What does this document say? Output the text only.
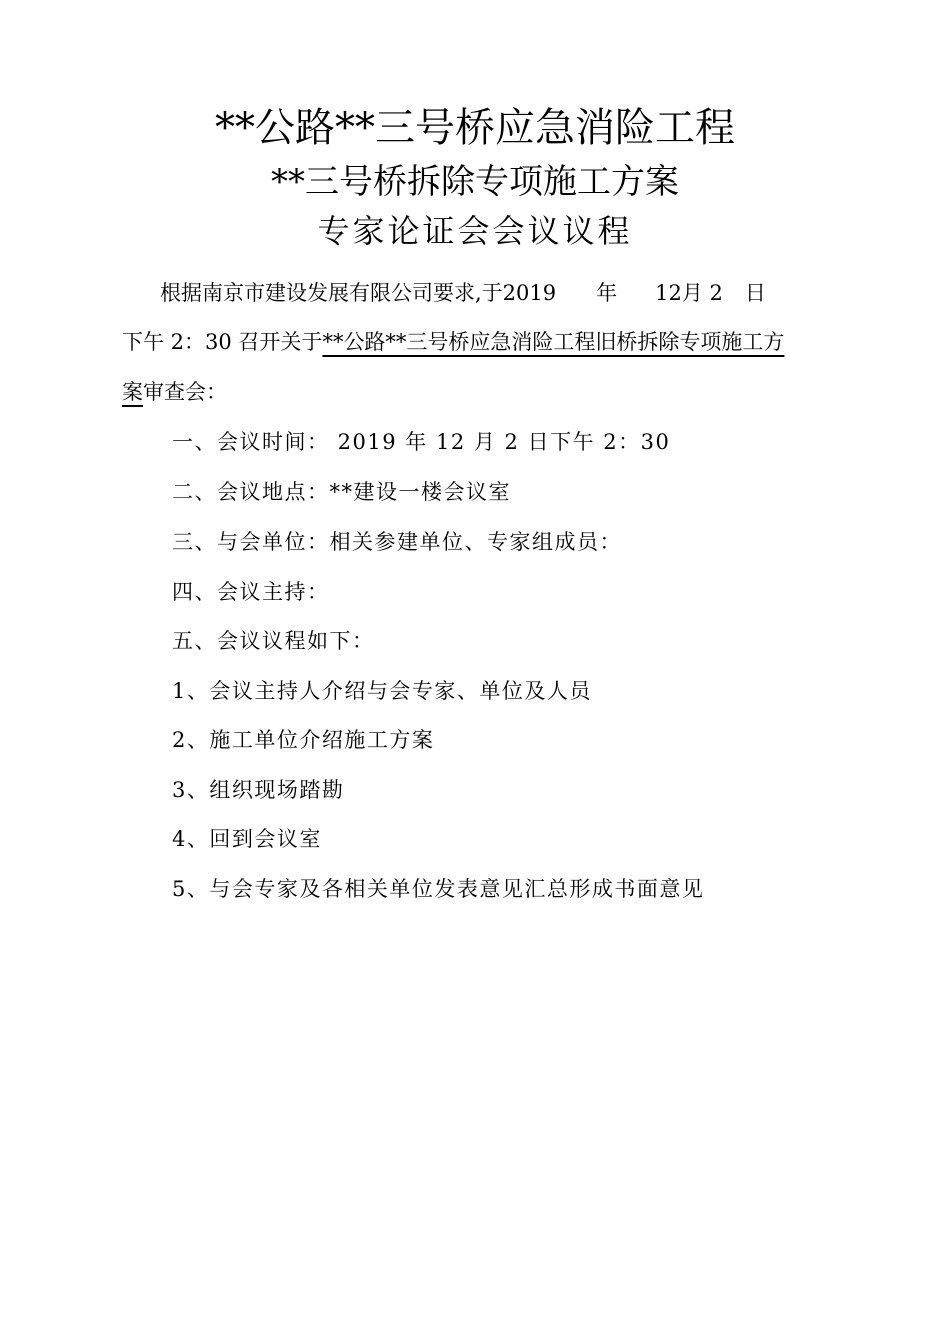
**公路**三号桥应急消险工程
**三号桥拆除专项施工方案
专家论证会会议议程
根据南京市建设发展有限公司要求,于2019 年 12月 2 日
下午 2：30 召开关于**公路**三号桥应急消险工程旧桥拆除专项施工方
案审查会：
一、会议时间： 2019 年 12 月 2 日下午 2：30
二、会议地点：**建设一楼会议室
三、与会单位：相关参建单位、专家组成员：
四、会议主持：
五、会议议程如下：
1、会议主持人介绍与会专家、单位及人员
2、施工单位介绍施工方案
3、组织现场踏勘
4、回到会议室
5、与会专家及各相关单位发表意见汇总形成书面意见
